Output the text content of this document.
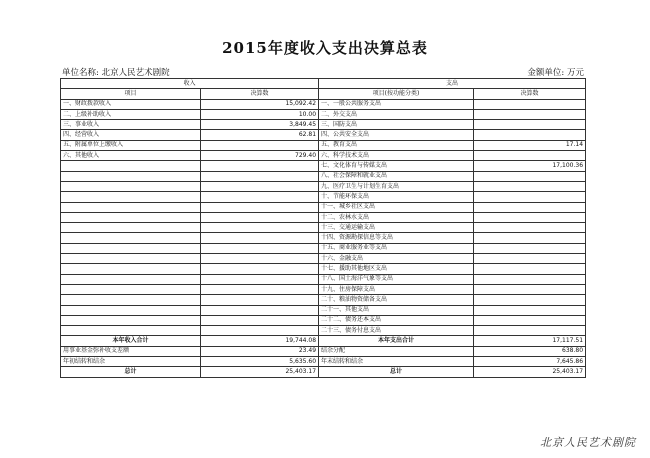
2015年度收入支出决算总表
单位名称: 北京人民艺术剧院	金额单位: 万元
收入		支出	
项目	决算数	项目(按功能分类)	决算数
一、财政拨款收入	15,092.42	一、一般公共服务支出	
二、上级补助收入	10.00	二、外交支出	
三、事业收入	3,849.45	三、国防支出	
四、经营收入	62.81	四、公共安全支出	
五、附属单位上缴收入		五、教育支出	17.14
六、其他收入	729.40	六、科学技术支出	
		七、文化体育与传媒支出	17,100.36
		八、社会保障和就业支出	
		九、医疗卫生与计划生育支出	
		十、节能环保支出	
		十一、城乡社区支出	
		十二、农林水支出	
		十三、交通运输支出	
		十四、资源勘探信息等支出	
		十五、商业服务业等支出	
		十六、金融支出	
		十七、援助其他地区支出	
		十八、国土海洋气象等支出	
		十九、住房保障支出	
		二十、粮油物资储备支出	
		二十一、其他支出	
		二十二、债务还本支出	
		二十三、债务付息支出	
本年收入合计	19,744.08	本年支出合计	17,117.51
用事业基金弥补收支差额	23.49	结余分配	638.80
年初结转和结余	5,635.60	年末结转和结余	7,645.86
总计	25,403.17	总计	25,403.17
北京人民艺术剧院
